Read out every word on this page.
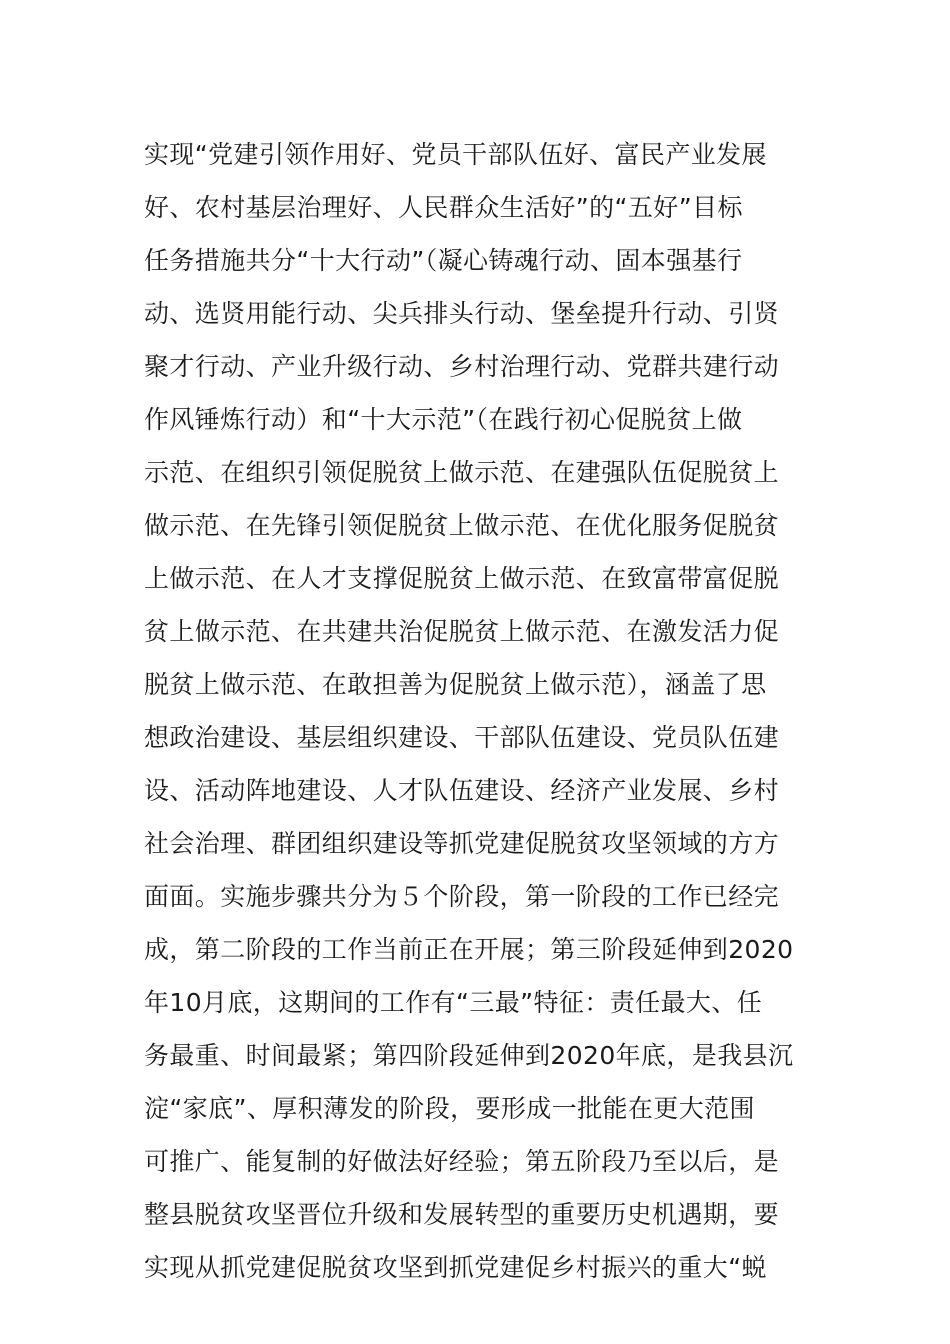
实现“党建引领作用好、党员干部队伍好、富民产业发展
好、农村基层治理好、人民群众生活好”的“五好”目标
任务措施共分“十大行动”（凝心铸魂行动、固本强基行
动、选贤用能行动、尖兵排头行动、堡垒提升行动、引贤
聚才行动、产业升级行动、乡村治理行动、党群共建行动
作风锤炼行动）和“十大示范”（在践行初心促脱贫上做
示范、在组织引领促脱贫上做示范、在建强队伍促脱贫上
做示范、在先锋引领促脱贫上做示范、在优化服务促脱贫
上做示范、在人才支撑促脱贫上做示范、在致富带富促脱
贫上做示范、在共建共治促脱贫上做示范、在激发活力促
脱贫上做示范、在敢担善为促脱贫上做示范），涵盖了思
想政治建设、基层组织建设、干部队伍建设、党员队伍建
设、活动阵地建设、人才队伍建设、经济产业发展、乡村
社会治理、群团组织建设等抓党建促脱贫攻坚领域的方方
面面。实施步骤共分为５个阶段，第一阶段的工作已经完
成，第二阶段的工作当前正在开展；第三阶段延伸到2020
年10月底，这期间的工作有“三最”特征：责任最大、任
务最重、时间最紧；第四阶段延伸到2020年底，是我县沉
淀“家底”、厚积薄发的阶段，要形成一批能在更大范围
可推广、能复制的好做法好经验；第五阶段乃至以后，是
整县脱贫攻坚晋位升级和发展转型的重要历史机遇期，要
实现从抓党建促脱贫攻坚到抓党建促乡村振兴的重大“蜕
